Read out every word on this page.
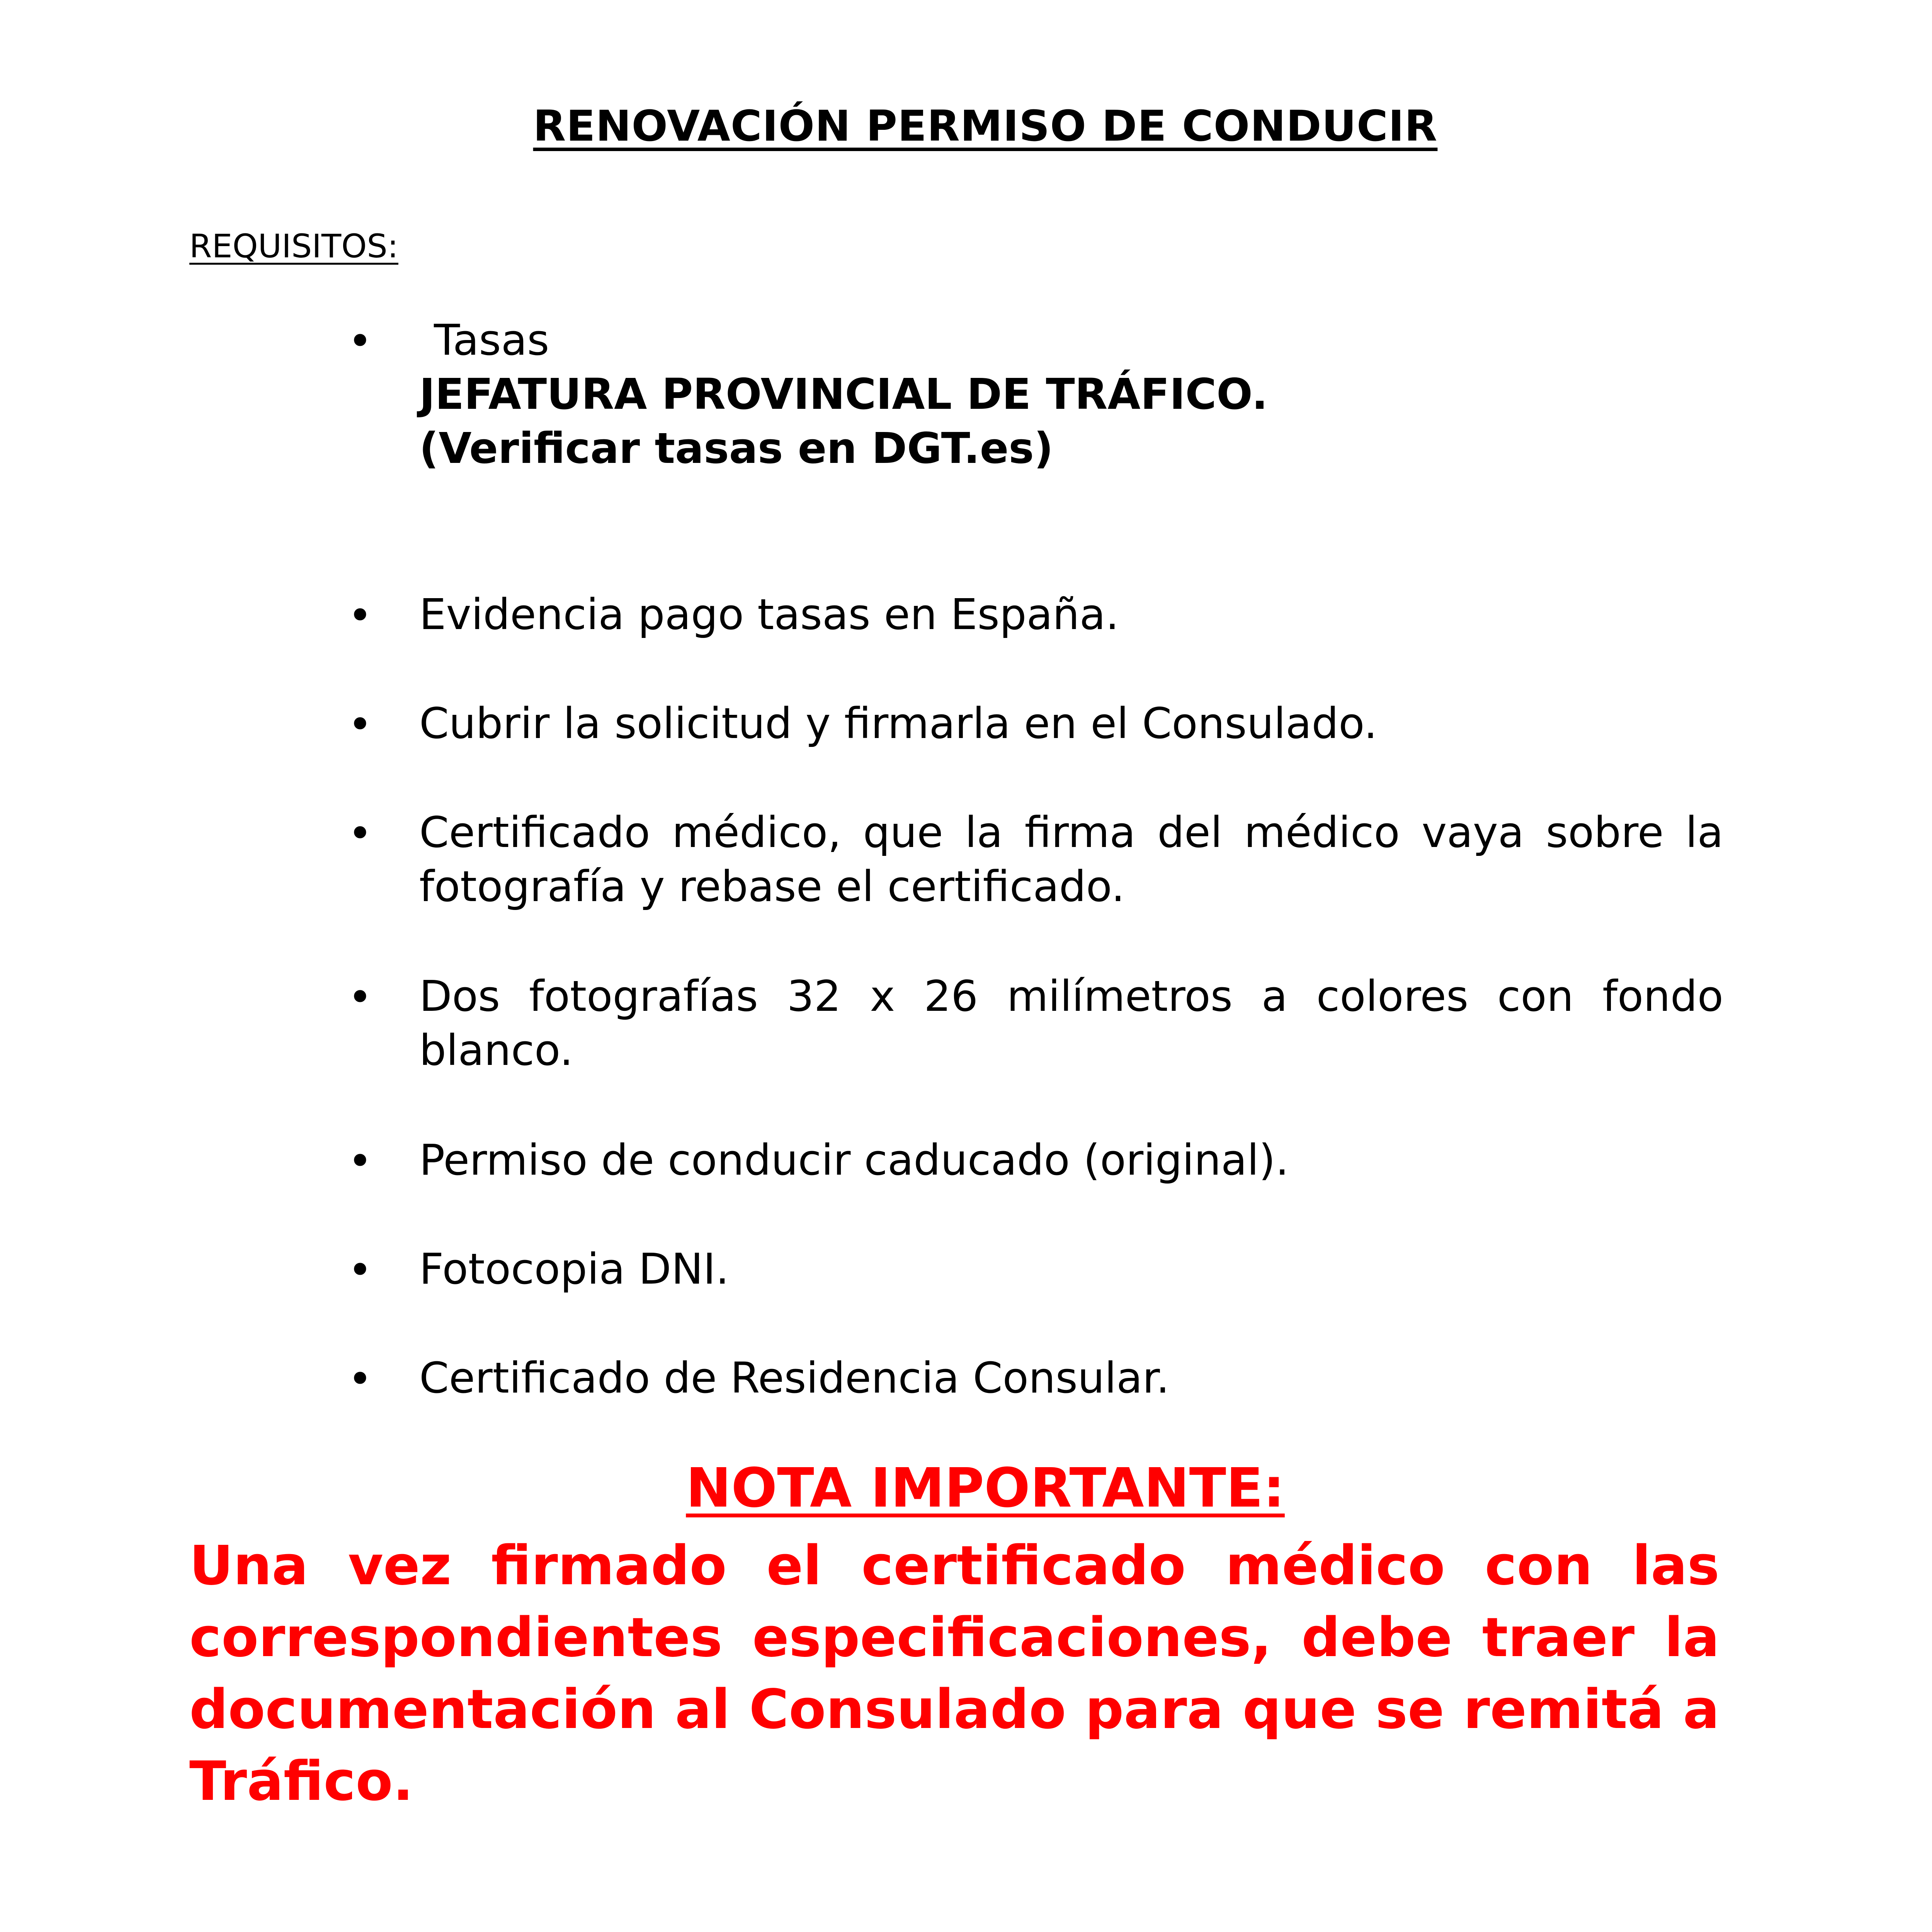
RENOVACIÓN PERMISO DE CONDUCIR
REQUISITOS:
•	Tasas
JEFATURA PROVINCIAL DE TRÁFICO.
(Verificar tasas en DGT.es)
• Evidencia pago tasas en España.
• Cubrir la solicitud y firmarla en el Consulado.
• Certificado médico, que la firma del médico vaya sobre la fotografía y rebase el certificado.
• Dos fotografías 32 x 26 milímetros a colores con fondo blanco.
• Permiso de conducir caducado (original).
• Fotocopia DNI.
• Certificado de Residencia Consular.
NOTA IMPORTANTE:
Una vez firmado el certificado médico con las correspondientes especificaciones, debe traer la documentación al Consulado para que se remitá a Tráfico.
